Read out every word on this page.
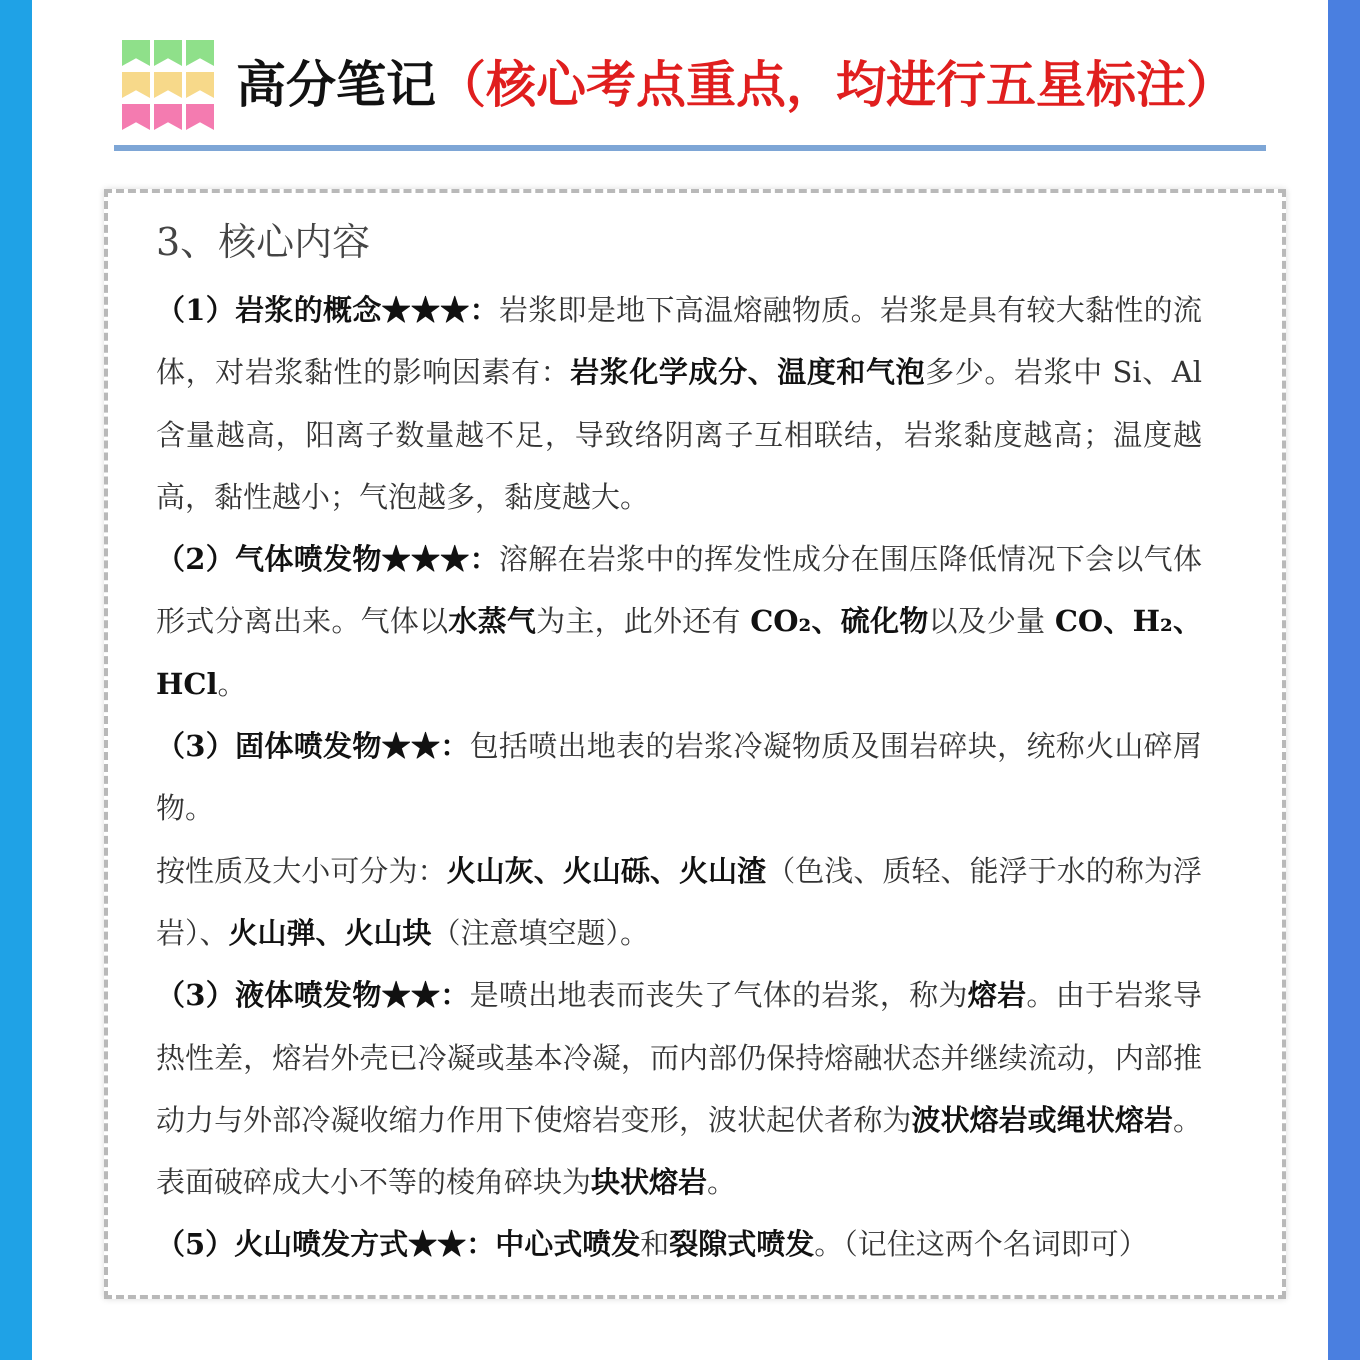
高分笔记（核心考点重点，均进行五星标注）
3、核心内容
（1）岩浆的概念★★★：岩浆即是地下高温熔融物质。岩浆是具有较大黏性的流体，对岩浆黏性的影响因素有：岩浆化学成分、温度和气泡多少。岩浆中 Si、Al 含量越高，阳离子数量越不足，导致络阴离子互相联结，岩浆黏度越高；温度越高，黏性越小；气泡越多，黏度越大。
（2）气体喷发物★★★：溶解在岩浆中的挥发性成分在围压降低情况下会以气体形式分离出来。气体以水蒸气为主，此外还有 CO₂、硫化物以及少量 CO、H₂、HCl。
（3）固体喷发物★★：包括喷出地表的岩浆冷凝物质及围岩碎块，统称火山碎屑物。
按性质及大小可分为：火山灰、火山砾、火山渣（色浅、质轻、能浮于水的称为浮岩）、火山弹、火山块（注意填空题）。
（3）液体喷发物★★：是喷出地表而丧失了气体的岩浆，称为熔岩。由于岩浆导热性差，熔岩外壳已冷凝或基本冷凝，而内部仍保持熔融状态并继续流动，内部推动力与外部冷凝收缩力作用下使熔岩变形，波状起伏者称为波状熔岩或绳状熔岩。表面破碎成大小不等的棱角碎块为块状熔岩。
（5）火山喷发方式★★：中心式喷发和裂隙式喷发。（记住这两个名词即可）
